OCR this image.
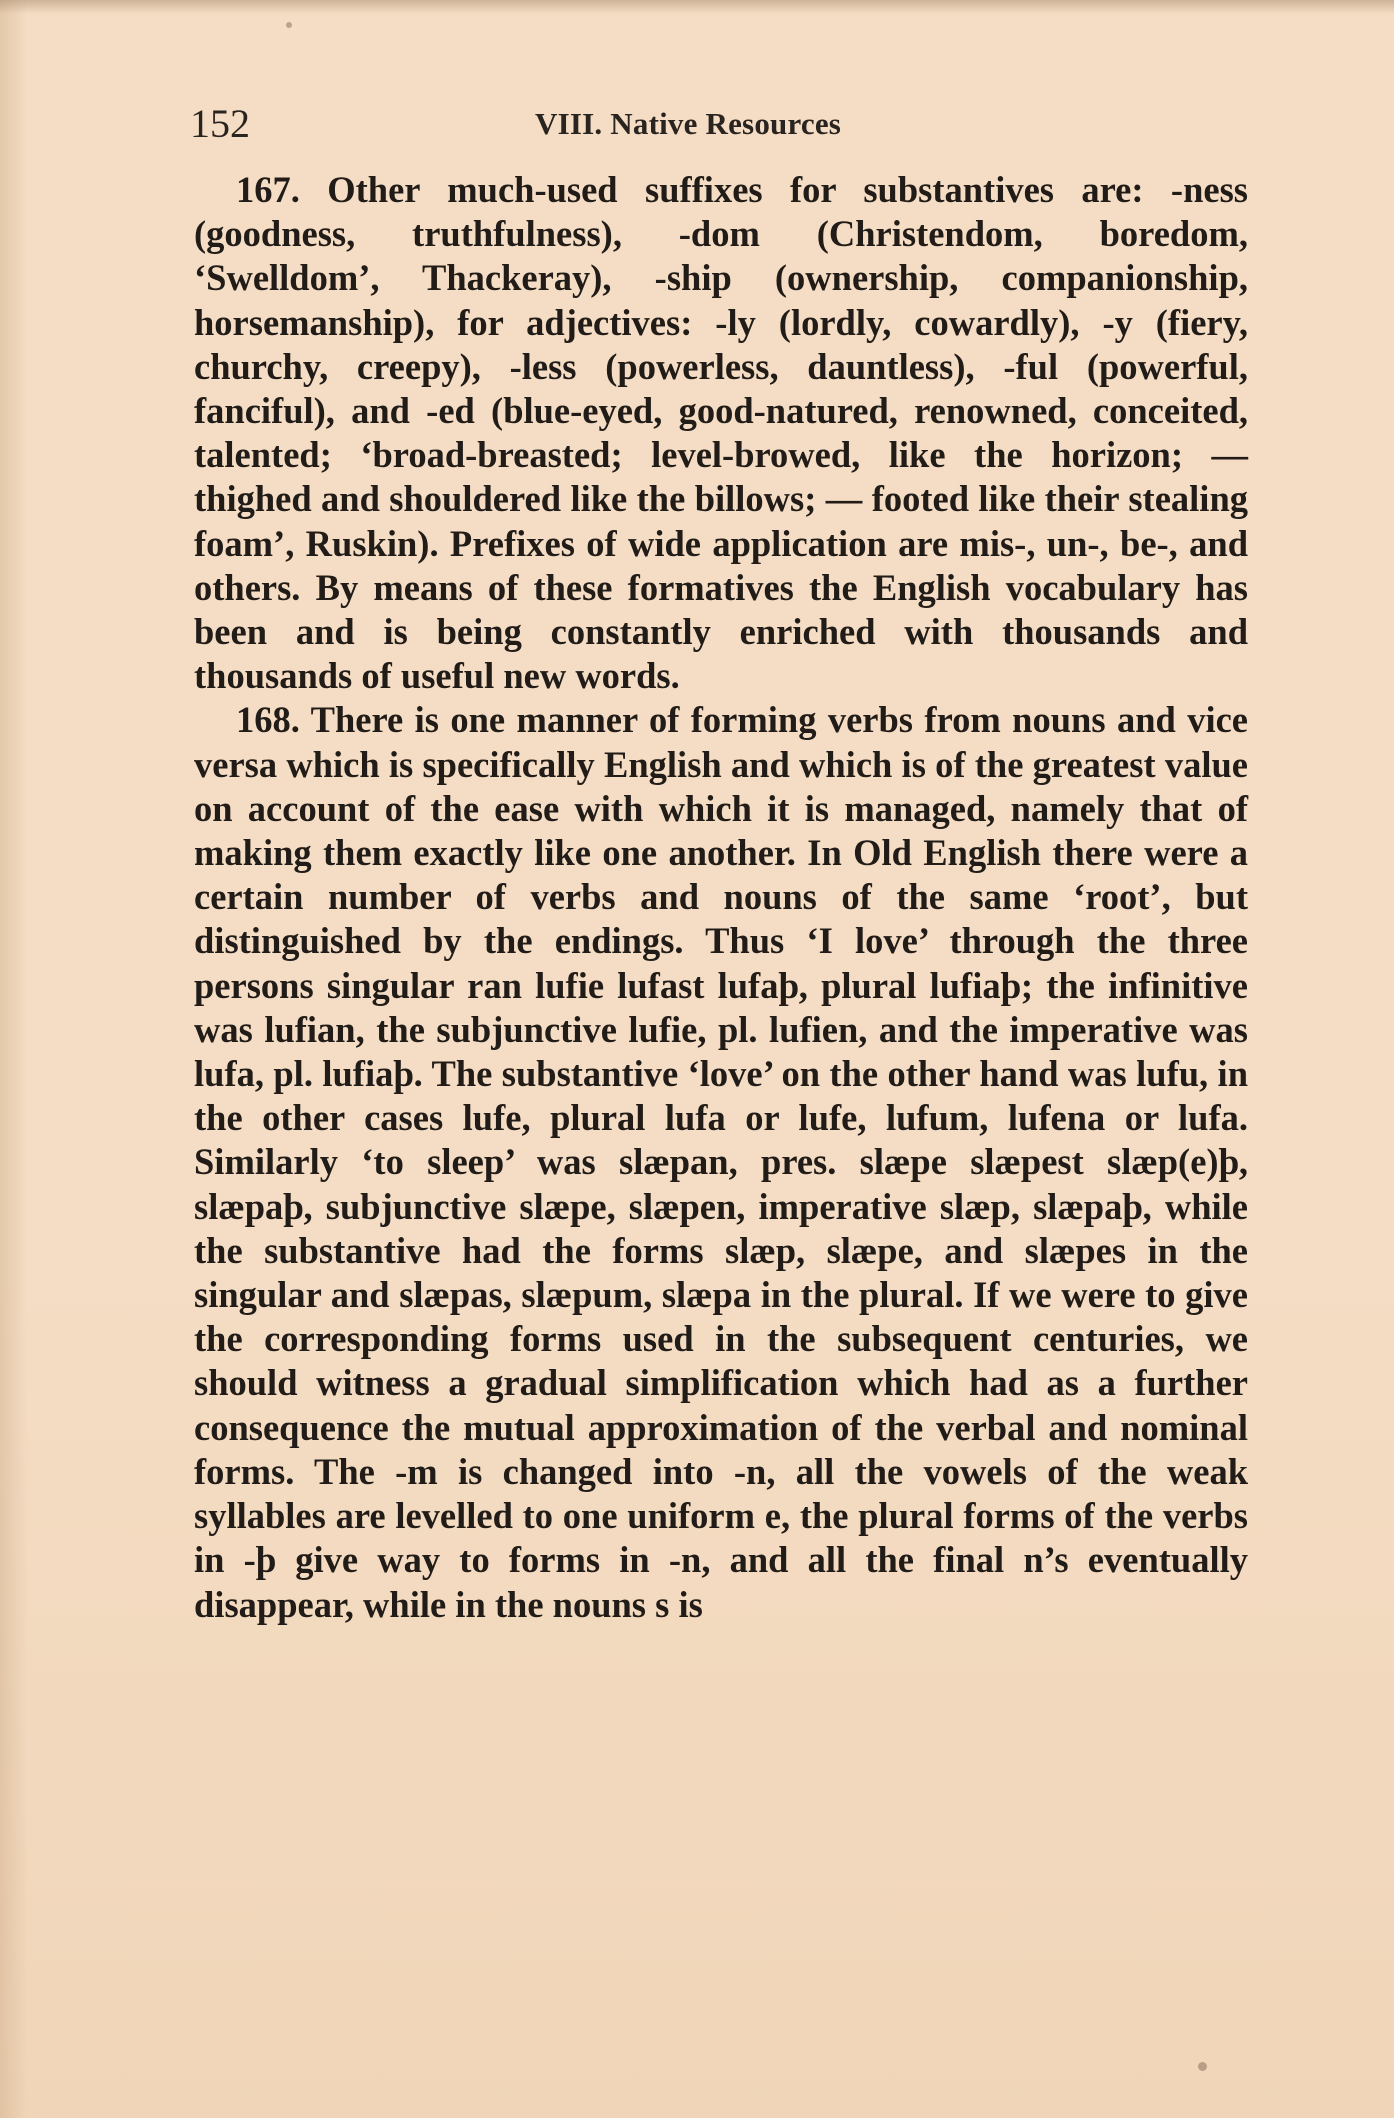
152	VIII. Native Resources

167. Other much-used suffixes for substantives are: -ness (goodness, truthfulness), -dom (Christendom, boredom, ‘Swelldom’, Thackeray), -ship (ownership, companionship, horsemanship), for adjectives: -ly (lordly, cowardly), -y (fiery, churchy, creepy), -less (powerless, dauntless), -ful (powerful, fanciful), and -ed (blue-eyed, good-natured, renowned, conceited, talented; ‘broad-breasted; level-browed, like the horizon; — thighed and shouldered like the billows; — footed like their stealing foam’, Ruskin). Prefixes of wide application are mis-, un-, be-, and others. By means of these formatives the English vocabulary has been and is being constantly enriched with thousands and thousands of useful new words.

168. There is one manner of forming verbs from nouns and vice versa which is specifically English and which is of the greatest value on account of the ease with which it is managed, namely that of making them exactly like one another. In Old English there were a certain number of verbs and nouns of the same ‘root’, but distinguished by the endings. Thus ‘I love’ through the three persons singular ran lufie lufast lufaþ, plural lufiaþ; the infinitive was lufian, the subjunctive lufie, pl. lufien, and the imperative was lufa, pl. lufiaþ. The substantive ‘love’ on the other hand was lufu, in the other cases lufe, plural lufa or lufe, lufum, lufena or lufa. Similarly ‘to sleep’ was slæpan, pres. slæpe slæpest slæp(e)þ, slæpaþ, subjunctive slæpe, slæpen, imperative slæp, slæpaþ, while the substantive had the forms slæp, slæpe, and slæpes in the singular and slæpas, slæpum, slæpa in the plural. If we were to give the corresponding forms used in the subsequent centuries, we should witness a gradual simplification which had as a further consequence the mutual approximation of the verbal and nominal forms. The -m is changed into -n, all the vowels of the weak syllables are levelled to one uniform e, the plural forms of the verbs in -þ give way to forms in -n, and all the final n’s eventually disappear, while in the nouns s is
